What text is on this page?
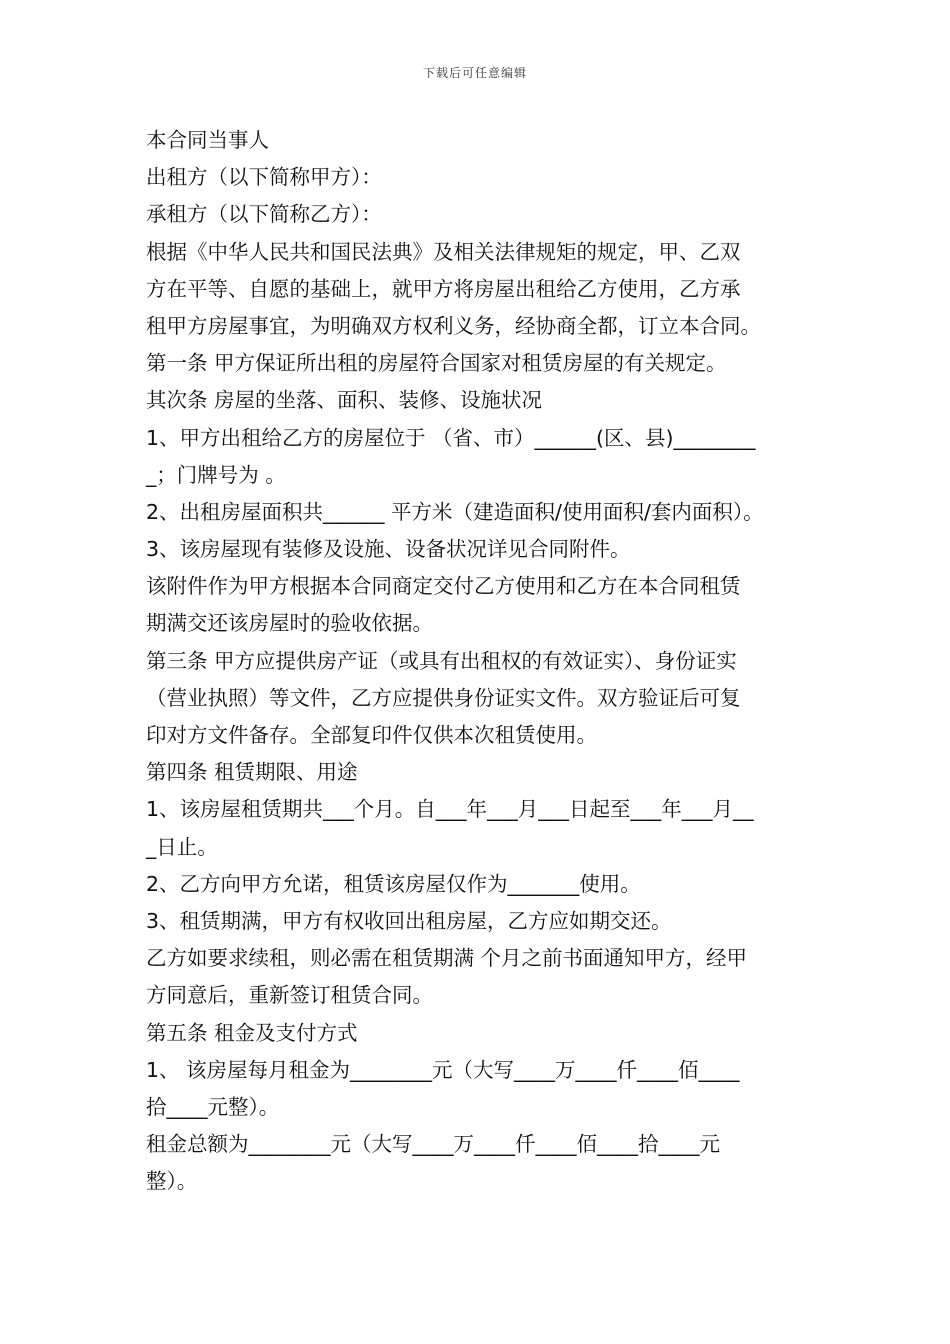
下载后可任意编辑
本合同当事人
出租方（以下简称甲方）：
承租方（以下简称乙方）：
根据《中华人民共和国民法典》及相关法律规矩的规定，甲、乙双
方在平等、自愿的基础上，就甲方将房屋出租给乙方使用，乙方承
租甲方房屋事宜，为明确双方权利义务，经协商全都，订立本合同。
第一条 甲方保证所出租的房屋符合国家对租赁房屋的有关规定。
其次条 房屋的坐落、面积、装修、设施状况
1、甲方出租给乙方的房屋位于 （省、市）______(区、县)________
_；门牌号为 。
2、出租房屋面积共______ 平方米（建造面积/使用面积/套内面积）。
3、该房屋现有装修及设施、设备状况详见合同附件。
该附件作为甲方根据本合同商定交付乙方使用和乙方在本合同租赁
期满交还该房屋时的验收依据。
第三条 甲方应提供房产证（或具有出租权的有效证实）、身份证实
（营业执照）等文件，乙方应提供身份证实文件。双方验证后可复
印对方文件备存。全部复印件仅供本次租赁使用。
第四条 租赁期限、用途
1、该房屋租赁期共___个月。自___年___月___日起至___年___月__
_日止。
2、乙方向甲方允诺，租赁该房屋仅作为_______使用。
3、租赁期满，甲方有权收回出租房屋，乙方应如期交还。
乙方如要求续租，则必需在租赁期满 个月之前书面通知甲方，经甲
方同意后，重新签订租赁合同。
第五条 租金及支付方式
1、 该房屋每月租金为________元（大写____万____仟____佰____
拾____元整）。
租金总额为________元（大写____万____仟____佰____拾____元
整）。
